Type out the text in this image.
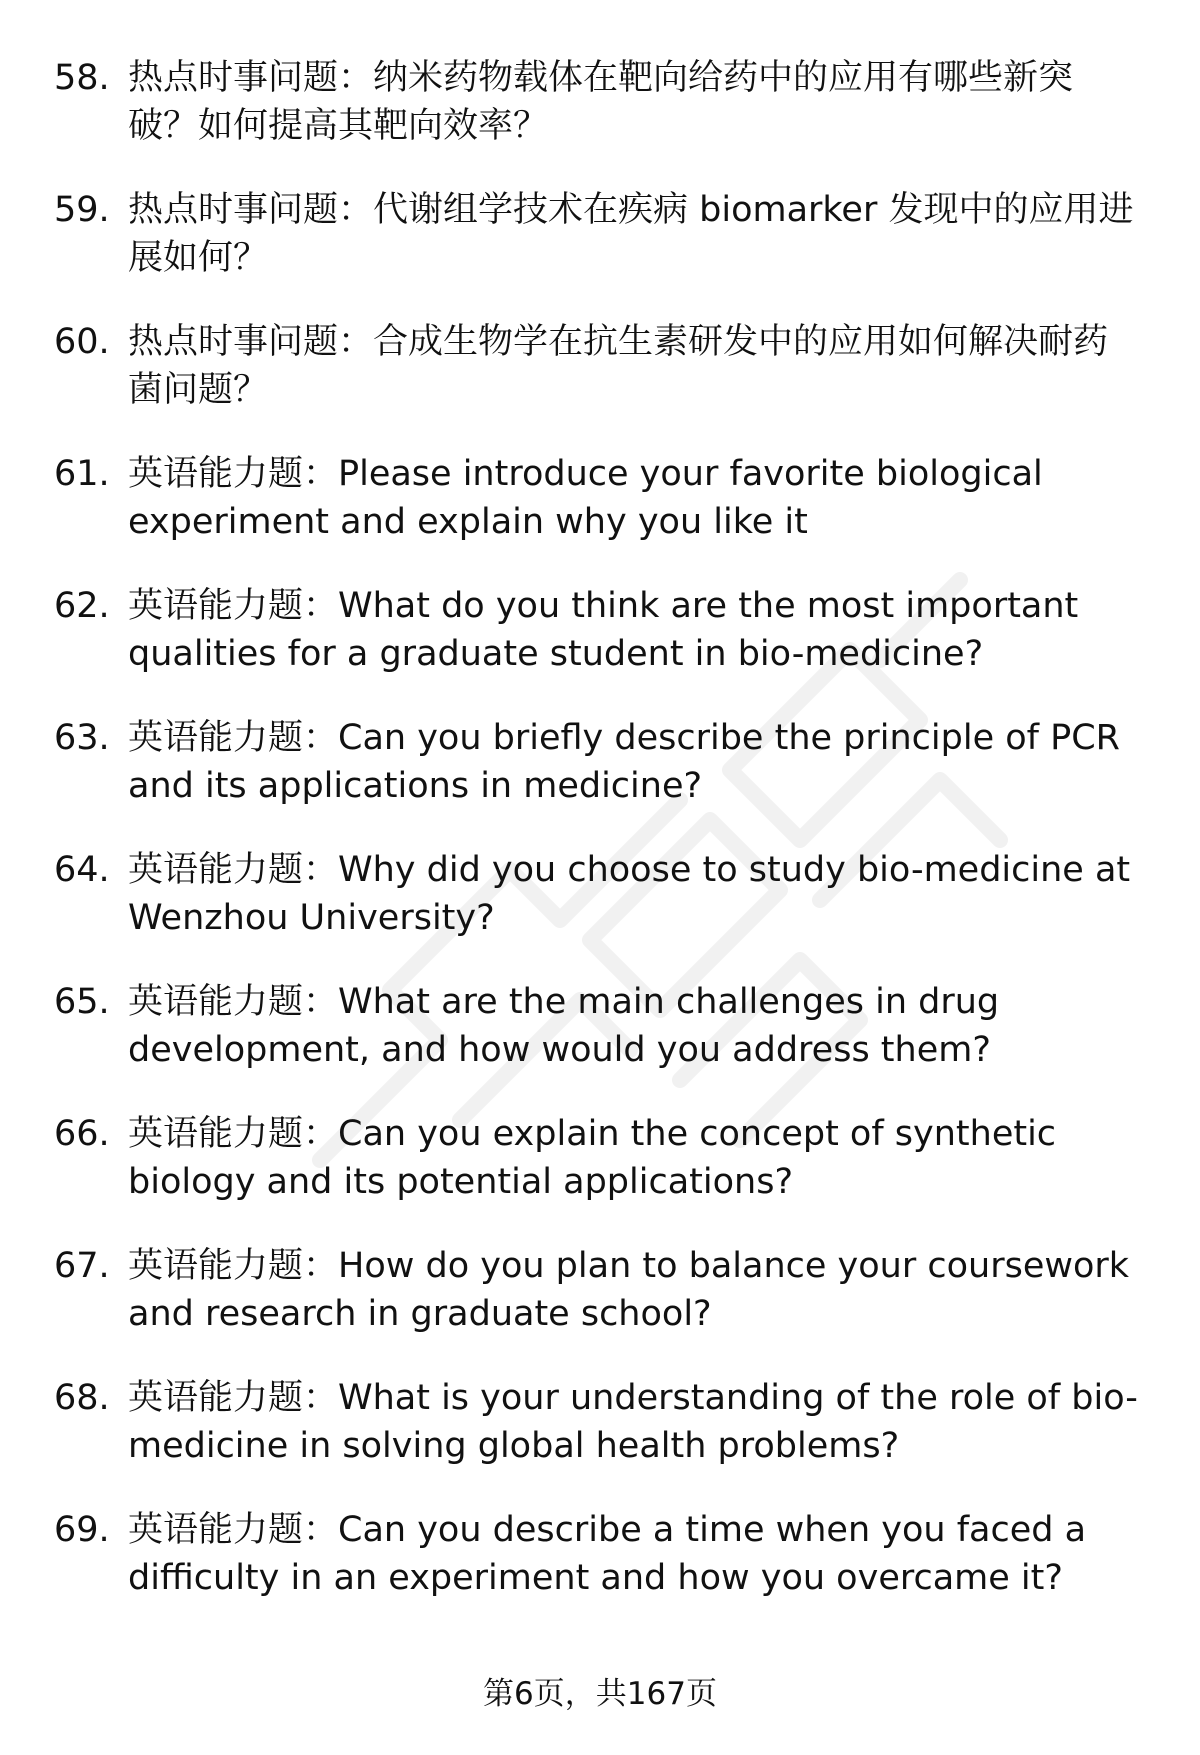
58. 热点时事问题：纳米药物载体在靶向给药中的应用有哪些新突
破？如何提高其靶向效率？
59. 热点时事问题：代谢组学技术在疾病 biomarker 发现中的应用进
展如何？
60. 热点时事问题：合成生物学在抗生素研发中的应用如何解决耐药
菌问题？
61. 英语能力题：Please introduce your favorite biological
experiment and explain why you like it
62. 英语能力题：What do you think are the most important
qualities for a graduate student in bio-medicine?
63. 英语能力题：Can you briefly describe the principle of PCR
and its applications in medicine?
64. 英语能力题：Why did you choose to study bio-medicine at
Wenzhou University?
65. 英语能力题：What are the main challenges in drug
development, and how would you address them?
66. 英语能力题：Can you explain the concept of synthetic
biology and its potential applications?
67. 英语能力题：How do you plan to balance your coursework
and research in graduate school?
68. 英语能力题：What is your understanding of the role of bio-
medicine in solving global health problems?
69. 英语能力题：Can you describe a time when you faced a
difficulty in an experiment and how you overcame it?
第6页，共167页
